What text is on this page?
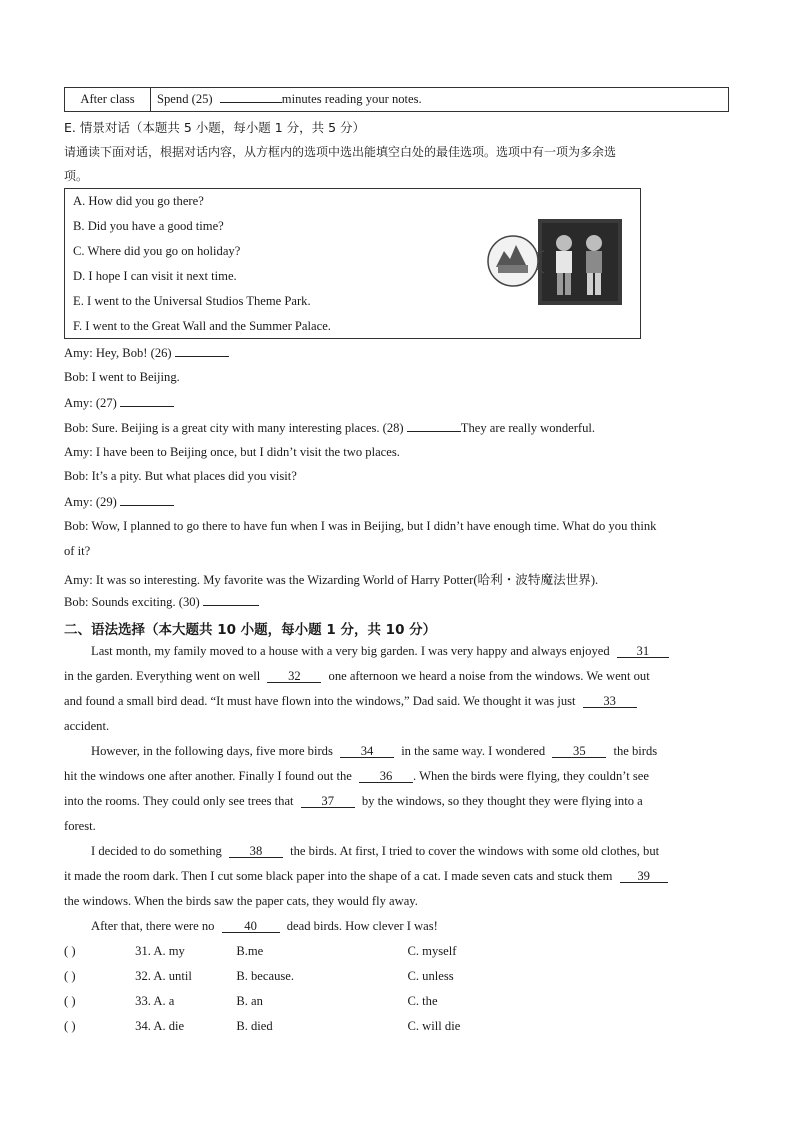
After class	Spend (25)	minutes reading your notes.
E. 情景对话（本题共 5 小题，每小题 1 分，共 5 分）
请通读下面对话，根据对话内容，从方框内的选项中选出能填空白处的最佳选项。选项中有一项为多余选
项。
A. How did you go there?
B. Did you have a good time?
C. Where did you go on holiday?
D. I hope I can visit it next time.
E. I went to the Universal Studios Theme Park.
F. I went to the Great Wall and the Summer Palace.
Amy: Hey, Bob! (26)
Bob: I went to Beijing.
Amy: (27)
Bob: Sure. Beijing is a great city with many interesting places. (28)	They are really wonderful.
Amy: I have been to Beijing once, but I didn’t visit the two places.
Bob: It’s a pity. But what places did you visit?
Amy: (29)
Bob: Wow, I planned to go there to have fun when I was in Beijing, but I didn’t have enough time. What do you think
of it?
Amy: It was so interesting. My favorite was the Wizarding World of Harry Potter(哈利・波特魔法世界).
Bob: Sounds exciting. (30)
二、语法选择（本大题共 10 小题，每小题 1 分，共 10 分）
Last month, my family moved to a house with a very big garden. I was very happy and always enjoyed 31
in the garden. Everything went on well 32 one afternoon we heard a noise from the windows. We went out
and found a small bird dead. “It must have flown into the windows,” Dad said. We thought it was just 33
accident.
However, in the following days, five more birds 34 in the same way. I wondered 35 the birds
hit the windows one after another. Finally I found out the 36 . When the birds were flying, they couldn’t see
into the rooms. They could only see trees that 37 by the windows, so they thought they were flying into a
forest.
I decided to do something 38 the birds. At first, I tried to cover the windows with some old clothes, but
it made the room dark. Then I cut some black paper into the shape of a cat. I made seven cats and stuck them 39
the windows. When the birds saw the paper cats, they would fly away.
After that, there were no 40 dead birds. How clever I was!
( )	31. A. my	B.me	C. myself
( )	32. A. until	B. because.	C. unless
( )	33. A. a	B. an	C. the
( )	34. A. die	B. died	C. will die
